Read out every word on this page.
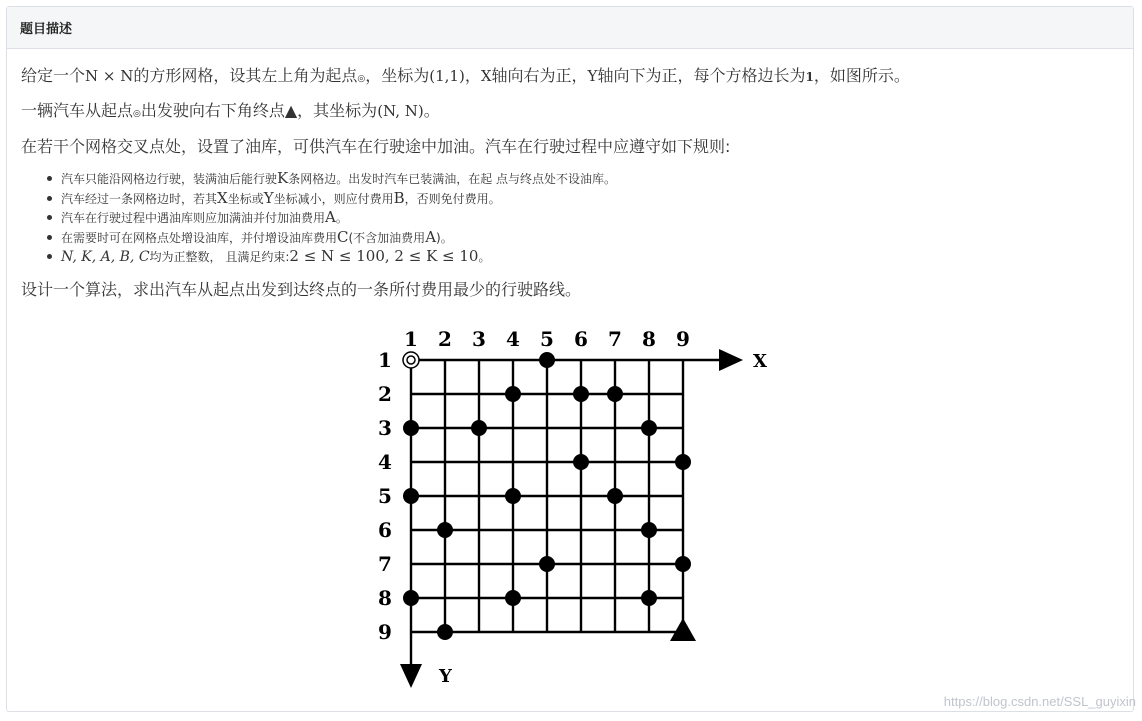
题目描述

给定一个N × N的方形网格，设其左上角为起点◎，坐标为(1,1)，X轴向右为正，Y轴向下为正，每个方格边长为1，如图所示。

一辆汽车从起点◎出发驶向右下角终点▲，其坐标为(N, N)。

在若干个网格交叉点处，设置了油库，可供汽车在行驶途中加油。汽车在行驶过程中应遵守如下规则:

汽车只能沿网格边行驶，装满油后能行驶K条网格边。出发时汽车已装满油，在起 点与终点处不设油库。
汽车经过一条网格边时，若其X坐标或Y坐标减小，则应付费用B，否则免付费用。
汽车在行驶过程中遇油库则应加满油并付加油费用A。
在需要时可在网格点处增设油库，并付增设油库费用C(不含加油费用A)。
N, K, A, B, C均为正整数， 且满足约束:2 ≤ N ≤ 100, 2 ≤ K ≤ 10。

设计一个算法，求出汽车从起点出发到达终点的一条所付费用最少的行驶路线。

X
Y
1 2 3 4 5 6 7 8 9
1
2
3
4
5
6
7
8
9
https://blog.csdn.net/SSL_guyixin
